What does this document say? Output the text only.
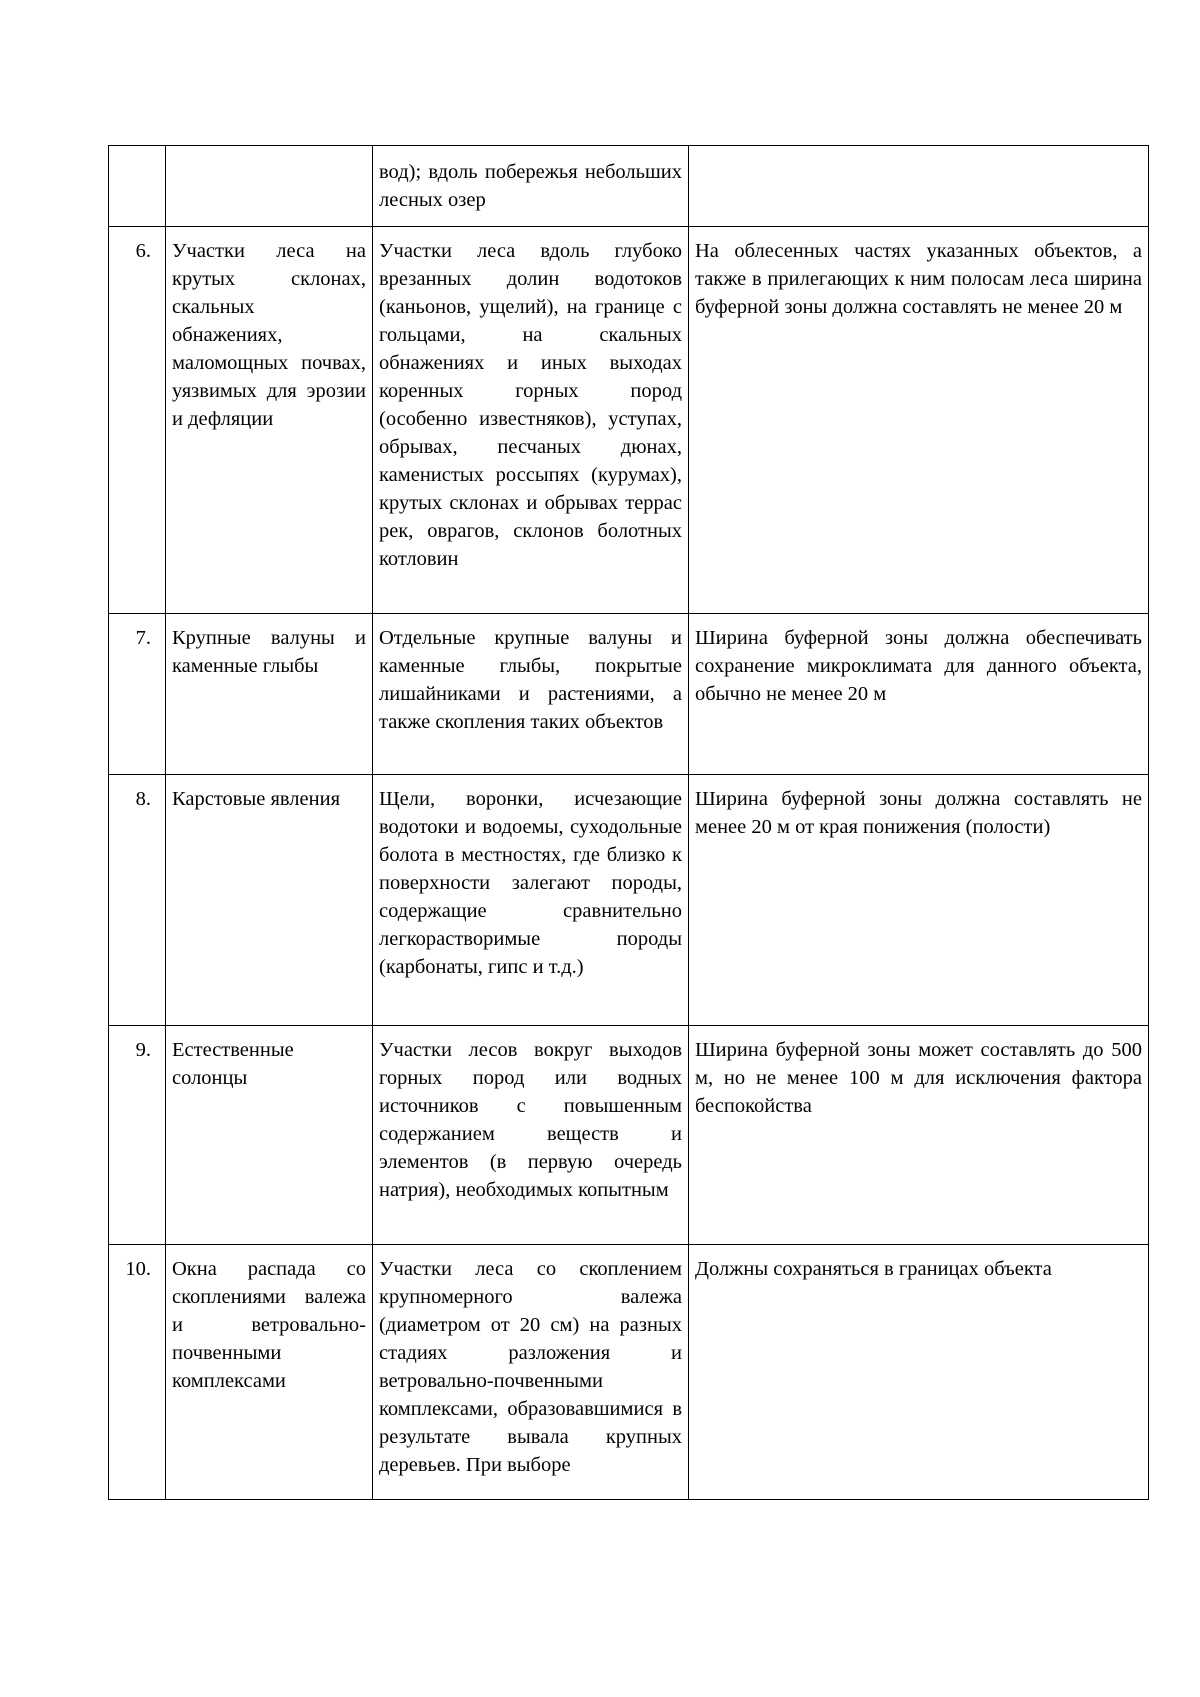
		вод); вдоль побережья небольших лесных озер	
6.	Участки леса на крутых склонах, скальных обнажениях, маломощных почвах, уязвимых для эрозии и дефляции	Участки леса вдоль глубоко врезанных долин водотоков (каньонов, ущелий), на границе с гольцами, на скальных обнажениях и иных выходах коренных горных пород (особенно известняков), уступах, обрывах, песчаных дюнах, каменистых россыпях (курумах), крутых склонах и обрывах террас рек, оврагов, склонов болотных котловин	На облесенных частях указанных объектов, а также в прилегающих к ним полосам леса ширина буферной зоны должна составлять не менее 20 м
7.	Крупные валуны и каменные глыбы	Отдельные крупные валуны и каменные глыбы, покрытые лишайниками и растениями, а также скопления таких объектов	Ширина буферной зоны должна обеспечивать сохранение микроклимата для данного объекта, обычно не менее 20 м
8.	Карстовые явления	Щели, воронки, исчезающие водотоки и водоемы, суходольные болота в местностях, где близко к поверхности залегают породы, содержащие сравнительно легкорастворимые породы (карбонаты, гипс и т.д.)	Ширина буферной зоны должна составлять не менее 20 м от края понижения (полости)
9.	Естественные солонцы	Участки лесов вокруг выходов горных пород или водных источников с повышенным содержанием веществ и элементов (в первую очередь натрия), необходимых копытным	Ширина буферной зоны может составлять до 500 м, но не менее 100 м для исключения фактора беспокойства
10.	Окна распада со скоплениями валежа и ветровально-почвенными комплексами	Участки леса со скоплением крупномерного валежа (диаметром от 20 см) на разных стадиях разложения и ветровально-почвенными комплексами, образовавшимися в результате вывала крупных деревьев. При выборе	Должны сохраняться в границах объекта
